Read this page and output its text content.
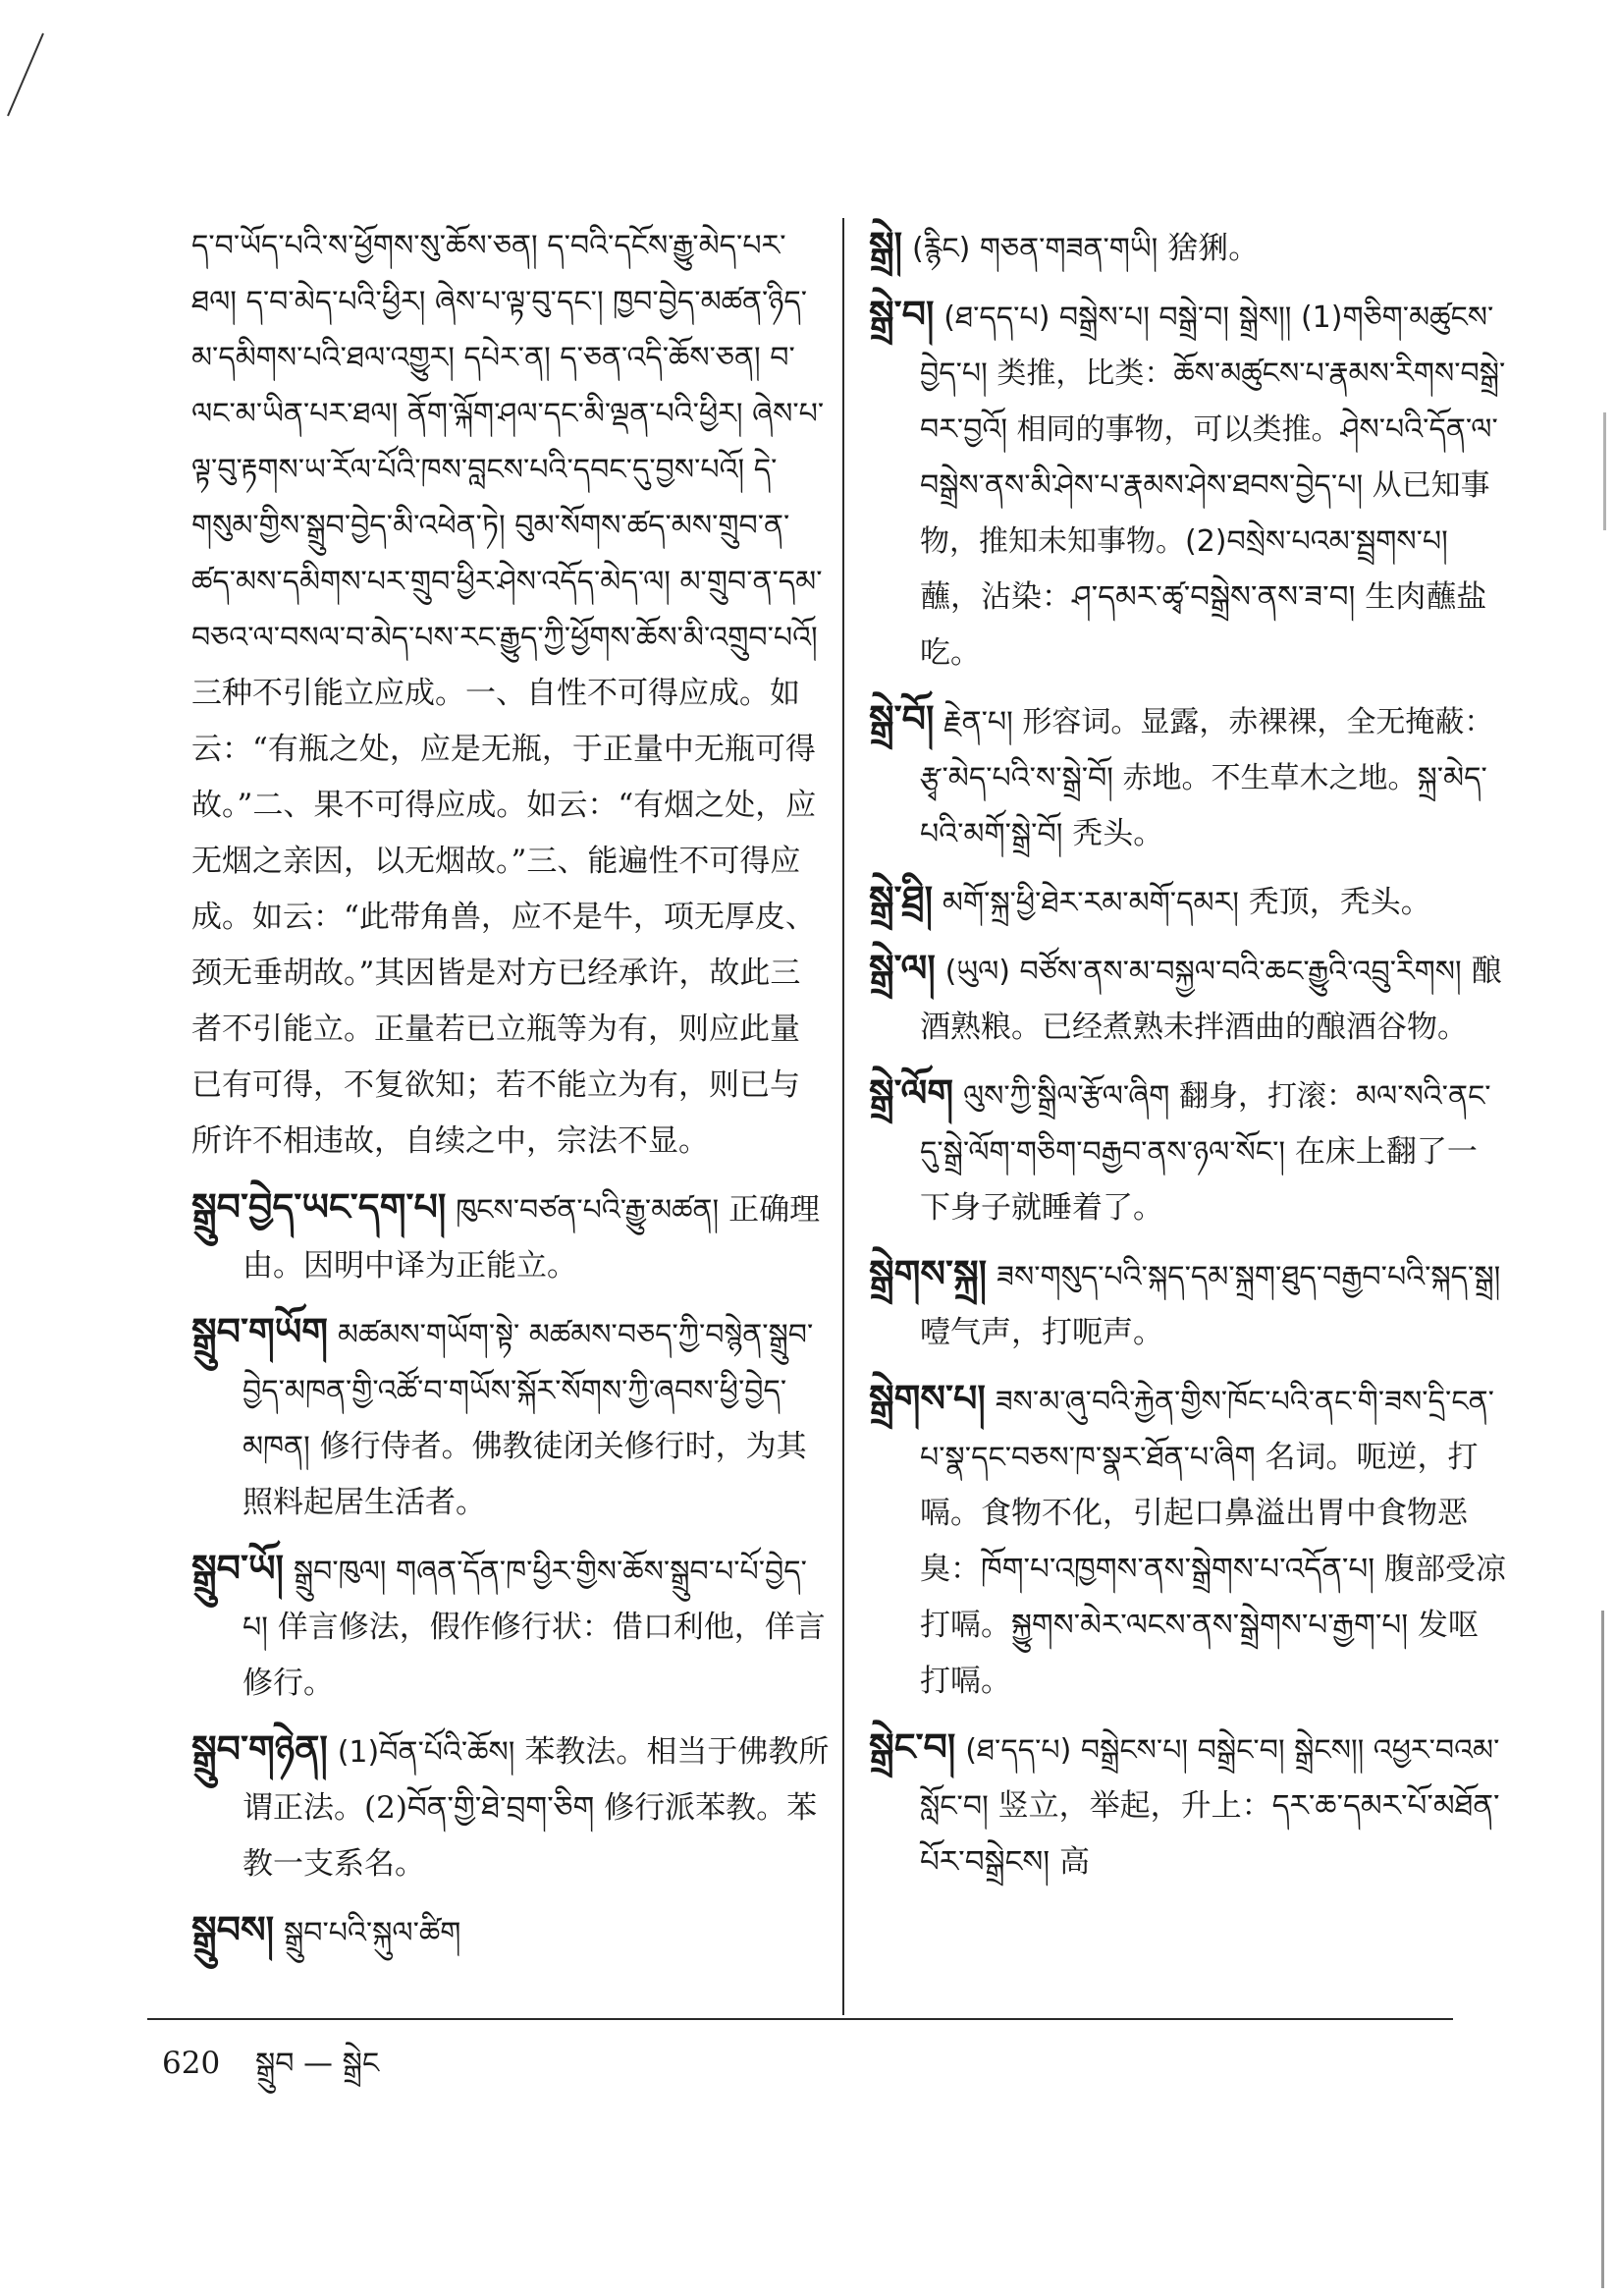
ད་བ་ཡོད་པའི་ས་ཕྱོགས་སུ་ཆོས་ཅན། ད་བའི་དངོས་རྒྱུ་མེད་པར་ཐལ། ད་བ་མེད་པའི་ཕྱིར། ཞེས་པ་ལྟ་བུ་དང་། ཁྱབ་བྱེད་མཚན་ཉིད་མ་དམིགས་པའི་ཐལ་འགྱུར། དཔེར་ན། ད་ཅན་འདི་ཆོས་ཅན། བ་ལང་མ་ཡིན་པར་ཐལ། ནོག་ལྐོག་ཤལ་དང་མི་ལྡན་པའི་ཕྱིར། ཞེས་པ་ལྟ་བུ་རྟགས་ཡ་རོལ་པོའི་ཁས་བླངས་པའི་དབང་དུ་བྱས་པའོ། དེ་གསུམ་གྱིས་སྒྲུབ་བྱེད་མི་འཕེན་ཏེ། བུམ་སོགས་ཚད་མས་གྲུབ་ན་ཚད་མས་དམིགས་པར་གྲུབ་ཕྱིར་ཤེས་འདོད་མེད་ལ། མ་གྲུབ་ན་དམ་བཅའ་ལ་བསལ་བ་མེད་པས་རང་རྒྱུད་ཀྱི་ཕྱོགས་ཆོས་མི་འགྲུབ་པའོ། 三种不引能立应成。一、自性不可得应成。如云：“有瓶之处，应是无瓶，于正量中无瓶可得故。”二、果不可得应成。如云：“有烟之处，应无烟之亲因，以无烟故。”三、能遍性不可得应成。如云：“此带角兽，应不是牛，项无厚皮、颈无垂胡故。”其因皆是对方已经承许，故此三者不引能立。正量若已立瓶等为有，则应此量已有可得，不复欲知；若不能立为有，则已与所许不相违故，自续之中，宗法不显。
སྒྲུབ་བྱེད་ཡང་དག་པ། ཁུངས་བཙན་པའི་རྒྱུ་མཚན། 正确理由。因明中译为正能立。
སྒྲུབ་གཡོག མཚམས་གཡོག་སྟེ་ མཚམས་བཅད་ཀྱི་བསྙེན་སྒྲུབ་བྱེད་མཁན་གྱི་འཚོ་བ་གཡོས་སྐོར་སོགས་ཀྱི་ཞབས་ཕྱི་བྱེད་མཁན། 修行侍者。佛教徒闭关修行时，为其照料起居生活者。
སྒྲུབ་ཡོ། སྒྲུབ་ཁུལ། གཞན་དོན་ཁ་ཕྱིར་གྱིས་ཆོས་སྒྲུབ་པ་པོ་བྱེད་པ། 佯言修法，假作修行状：借口利他，佯言修行。
སྒྲུབ་གཉེན། (1)བོན་པོའི་ཆོས། 苯教法。相当于佛教所谓正法。(2)བོན་གྱི་ཐེ་བྲག་ཅིག 修行派苯教。苯教一支系名。
སྒྲུབས། སྒྲུབ་པའི་སྐུལ་ཚིག
སྒྲེ། (རྙིང) གཅན་གཟན་གཡི། 猞猁。
སྒྲེ་བ། (ཐ་དད་པ) བསྒྲེས་པ། བསྒྲེ་བ། སྒྲེས།། (1)གཅིག་མཚུངས་བྱེད་པ། 类推，比类：ཆོས་མཚུངས་པ་རྣམས་རིགས་བསྒྲེ་བར་བྱའོ། 相同的事物，可以类推。ཤེས་པའི་དོན་ལ་བསྒྲེས་ནས་མི་ཤེས་པ་རྣམས་ཤེས་ཐབས་བྱེད་པ། 从已知事物，推知未知事物。(2)བསྲེས་པའམ་སྦྲགས་པ། 蘸，沾染：ཤ་དམར་ཚྭ་བསྒྲེས་ནས་ཟ་བ། 生肉蘸盐吃。
སྒྲེ་བོ། རྗེན་པ། 形容词。显露，赤裸裸，全无掩蔽：རྩྭ་མེད་པའི་ས་སྒྲེ་བོ། 赤地。不生草木之地。སྐྲ་མེད་པའི་མགོ་སྒྲེ་བོ། 秃头。
སྒྲེ་ཐྲི། མགོ་སྐྲ་ཕྱི་ཐེར་རམ་མགོ་དམར། 秃顶，秃头。
སྒྲེ་ལ། (ཡུལ) བཙོས་ནས་མ་བསྐྱལ་བའི་ཆང་རྒྱུའི་འབྲུ་རིགས། 酿酒熟粮。已经煮熟未拌酒曲的酿酒谷物。
སྒྲེ་ལོག ལུས་ཀྱི་སྒྲིལ་རྩོལ་ཞིག 翻身，打滚：མལ་སའི་ནང་དུ་སྒྲེ་ལོག་གཅིག་བརྒྱབ་ནས་ཉལ་སོང་། 在床上翻了一下身子就睡着了。
སྒྲེགས་སྐྲ། ཟས་གསུད་པའི་སྐད་དམ་སྐྲག་ཐུད་བརྒྱབ་པའི་སྐད་སྒྲ། 噎气声，打呃声。
སྒྲེགས་པ། ཟས་མ་ཞུ་བའི་རྐྱེན་གྱིས་ཁོང་པའི་ནང་གི་ཟས་དྲི་ངན་པ་སྣ་དང་བཅས་ཁ་སྣར་ཐོན་པ་ཞིག 名词。呃逆，打嗝。食物不化，引起口鼻溢出胃中食物恶臭：ཁོག་པ་འཁྱགས་ནས་སྒྲེགས་པ་འདོན་པ། 腹部受凉打嗝。སྐྱུགས་མེར་ལངས་ནས་སྒྲེགས་པ་རྒྱག་པ། 发呕打嗝。
སྒྲེང་བ། (ཐ་དད་པ) བསྒྲེངས་པ། བསྒྲེང་བ། སྒྲེངས།། འཕྱར་བའམ་སློང་བ། 竖立，举起，升上：དར་ཆ་དམར་པོ་མཐོན་པོར་བསྒྲེངས། 高
620 སྒྲུབ — སྒྲེང
